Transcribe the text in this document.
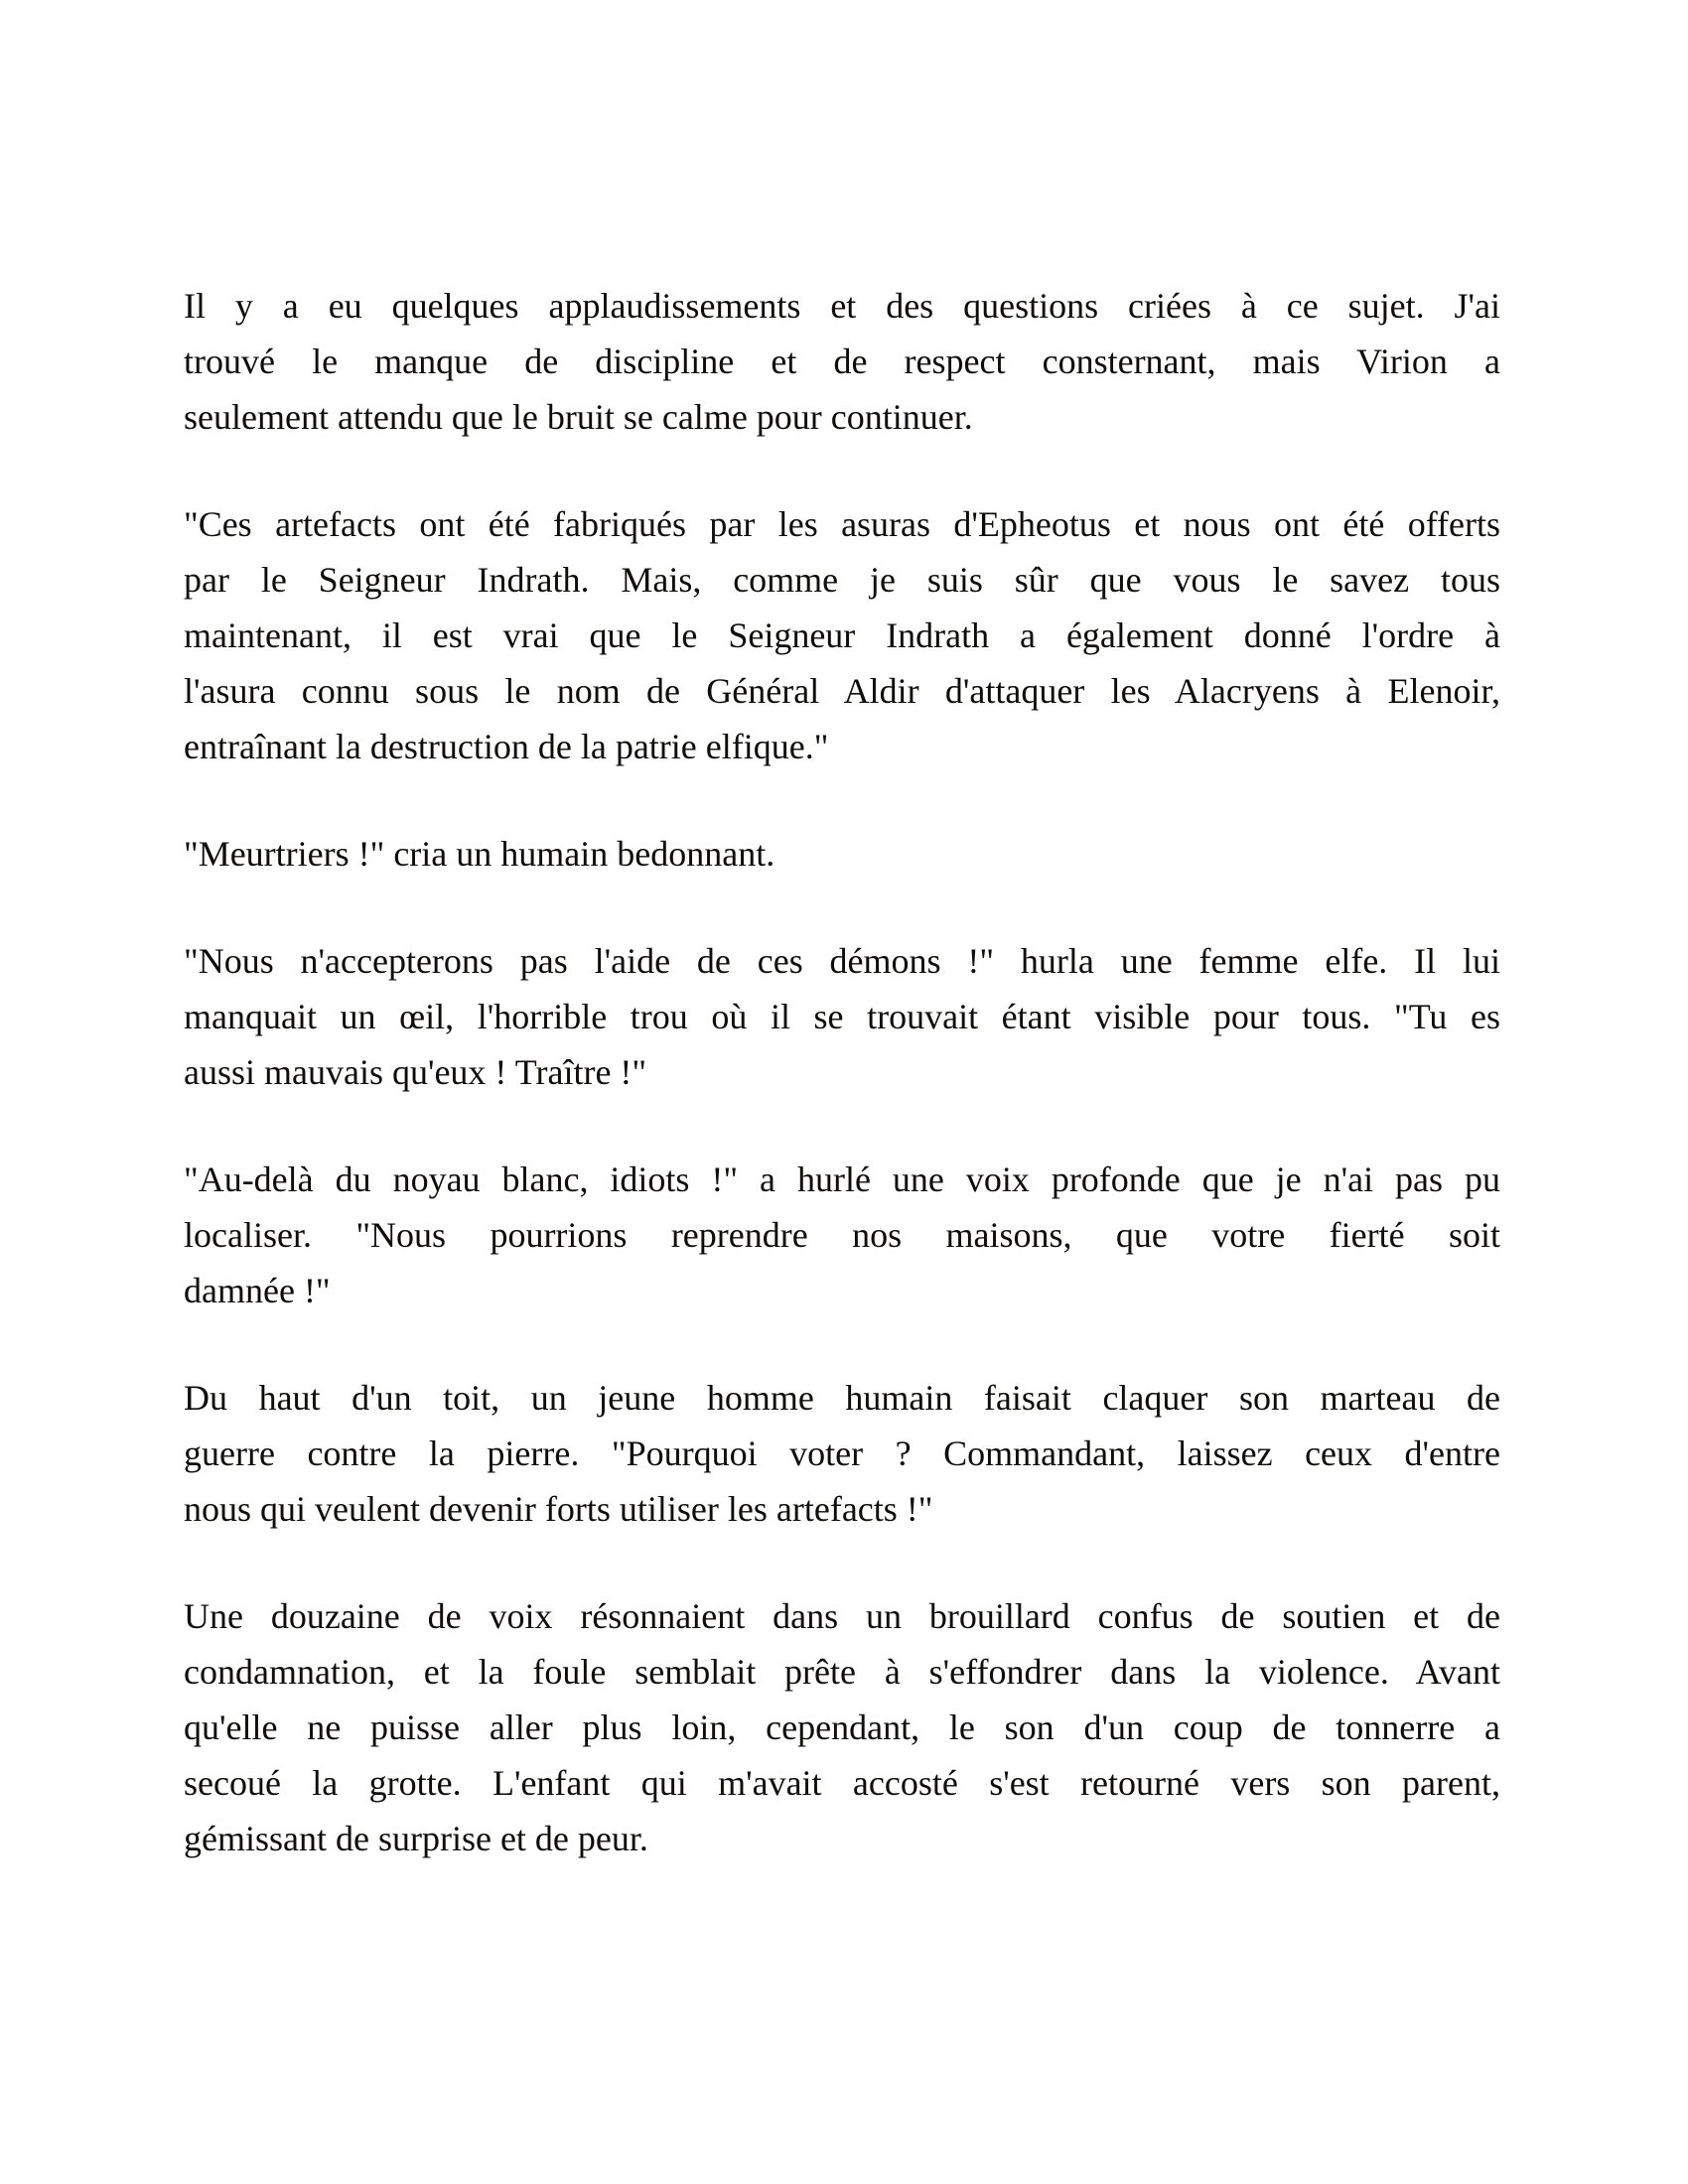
Il y a eu quelques applaudissements et des questions criées à ce sujet. J'ai
trouvé le manque de discipline et de respect consternant, mais Virion a
seulement attendu que le bruit se calme pour continuer.
"Ces artefacts ont été fabriqués par les asuras d'Epheotus et nous ont été offerts
par le Seigneur Indrath. Mais, comme je suis sûr que vous le savez tous
maintenant, il est vrai que le Seigneur Indrath a également donné l'ordre à
l'asura connu sous le nom de Général Aldir d'attaquer les Alacryens à Elenoir,
entraînant la destruction de la patrie elfique."
"Meurtriers !" cria un humain bedonnant.
"Nous n'accepterons pas l'aide de ces démons !" hurla une femme elfe. Il lui
manquait un œil, l'horrible trou où il se trouvait étant visible pour tous. "Tu es
aussi mauvais qu'eux ! Traître !"
"Au-delà du noyau blanc, idiots !" a hurlé une voix profonde que je n'ai pas pu
localiser. "Nous pourrions reprendre nos maisons, que votre fierté soit
damnée !"
Du haut d'un toit, un jeune homme humain faisait claquer son marteau de
guerre contre la pierre. "Pourquoi voter ? Commandant, laissez ceux d'entre
nous qui veulent devenir forts utiliser les artefacts !"
Une douzaine de voix résonnaient dans un brouillard confus de soutien et de
condamnation, et la foule semblait prête à s'effondrer dans la violence. Avant
qu'elle ne puisse aller plus loin, cependant, le son d'un coup de tonnerre a
secoué la grotte. L'enfant qui m'avait accosté s'est retourné vers son parent,
gémissant de surprise et de peur.
